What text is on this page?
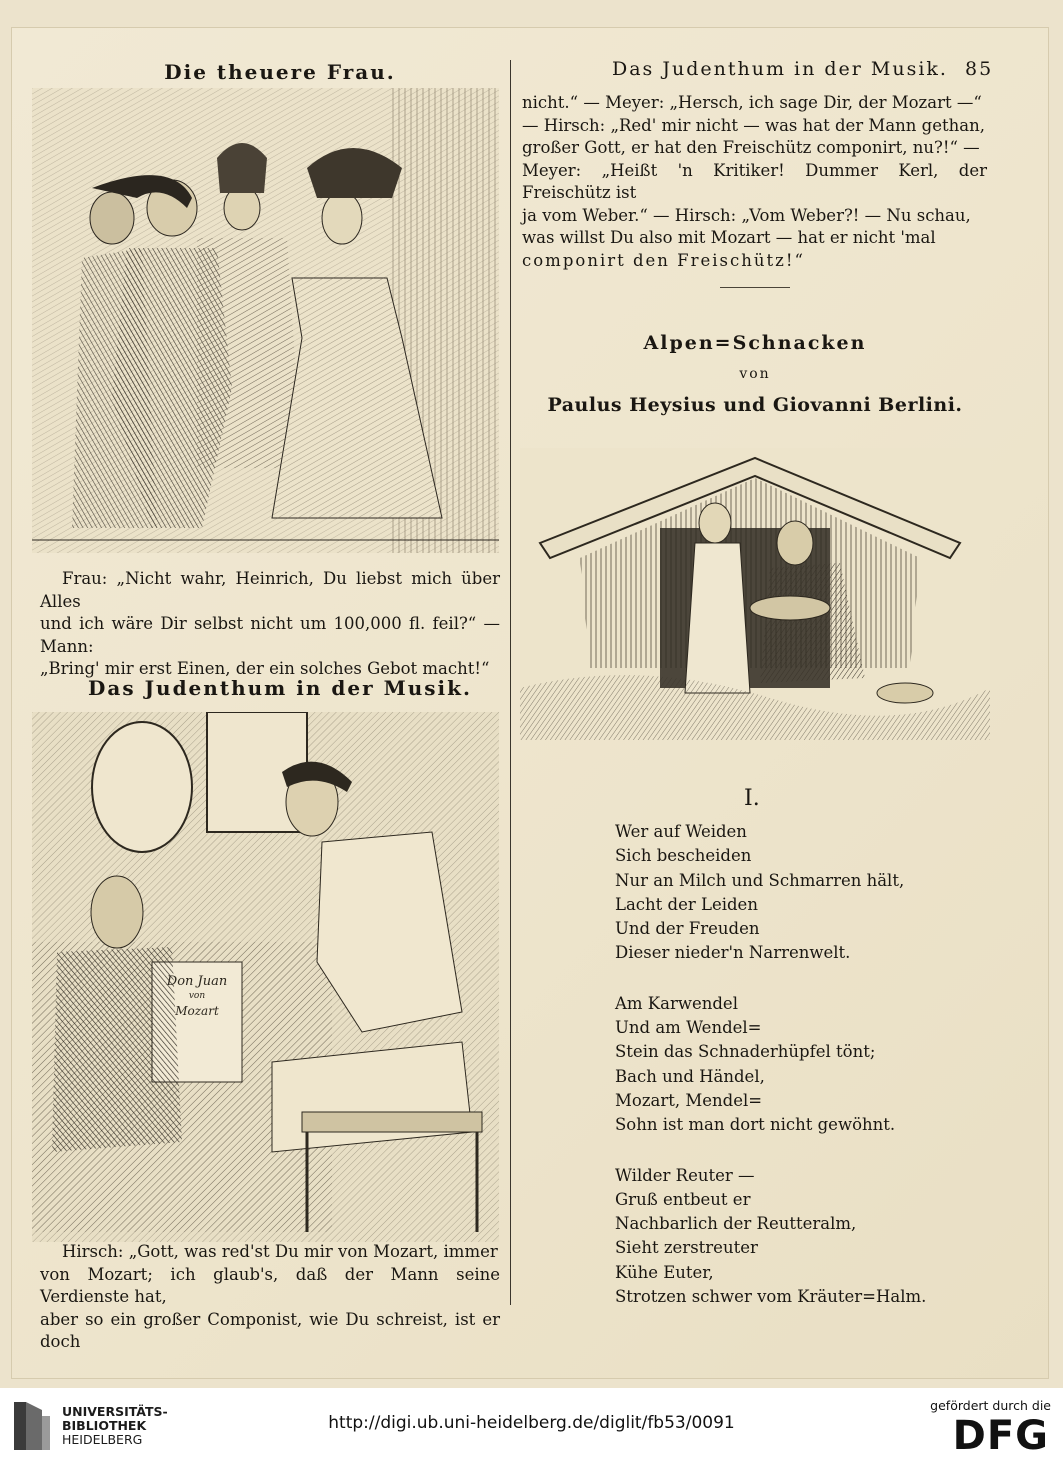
Die theuere Frau.	Das Judenthum in der Musik. 85
Frau: „Nicht wahr, Heinrich, Du liebst mich über Alles
und ich wäre Dir selbst nicht um 100,000 fl. feil?“ — Mann:
„Bring' mir erst Einen, der ein solches Gebot macht!“
Das Judenthum in der Musik.
Don Juan
von
Mozart
Hirsch: „Gott, was red'st Du mir von Mozart, immer
von Mozart; ich glaub's, daß der Mann seine Verdienste hat,
aber so ein großer Componist, wie Du schreist, ist er doch
nicht.“ — Meyer: „Hersch, ich sage Dir, der Mozart —“
— Hirsch: „Red' mir nicht — was hat der Mann gethan,
großer Gott, er hat den Freischütz componirt, nu?!“ —
Meyer: „Heißt 'n Kritiker! Dummer Kerl, der Freischütz ist
ja vom Weber.“ — Hirsch: „Vom Weber?! — Nu schau,
was willst Du also mit Mozart — hat er nicht 'mal
componirt den Freischütz!“
Alpen=Schnacken
von
Paulus Heysius und Giovanni Berlini.
I.
Wer auf Weiden
Sich bescheiden
Nur an Milch und Schmarren hält,
Lacht der Leiden
Und der Freuden
Dieser nieder'n Narrenwelt.
Am Karwendel
Und am Wendel=
Stein das Schnaderhüpfel tönt;
Bach und Händel,
Mozart, Mendel=
Sohn ist man dort nicht gewöhnt.
Wilder Reuter —
Gruß entbeut er
Nachbarlich der Reutteralm,
Sieht zerstreuter
Kühe Euter,
Strotzen schwer vom Kräuter=Halm.
UNIVERSITÄTS-
BIBLIOTHEK
HEIDELBERG
http://digi.ub.uni-heidelberg.de/diglit/fb53/0091
gefördert durch die
DFG
